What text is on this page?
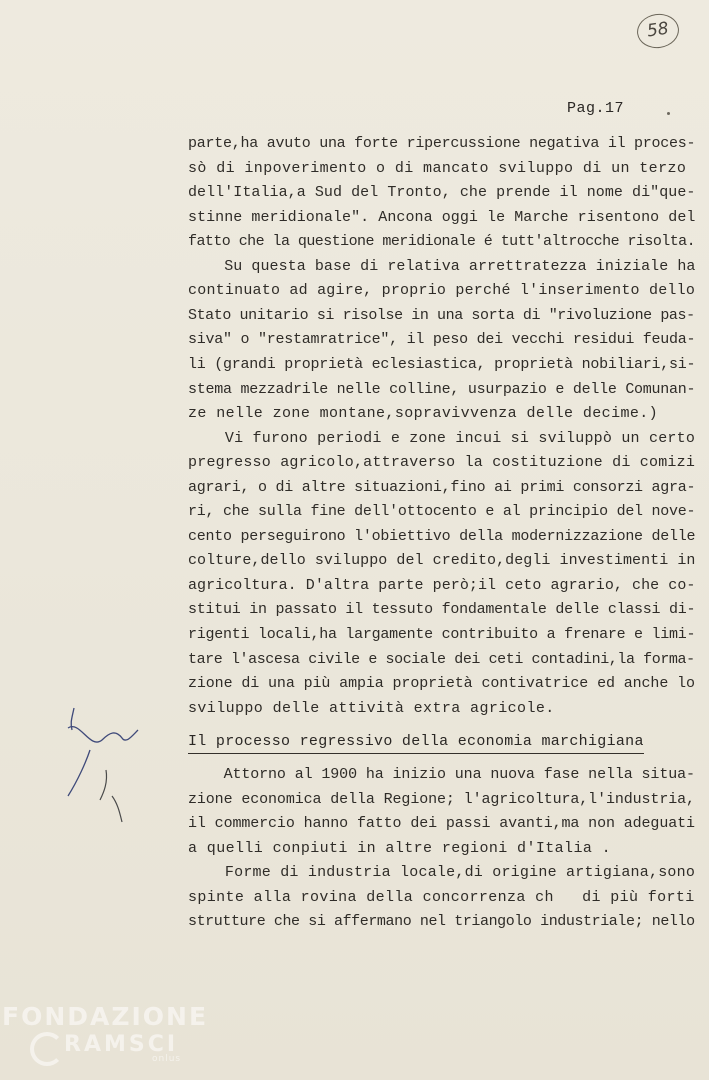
58
Pag.17
parte,ha avuto una forte ripercussione negativa il proces-
sò di inpoverimento o di mancato sviluppo di un terzo
dell'Italia,a Sud del Tronto, che prende il nome di"que-
stinne meridionale". Ancona oggi le Marche risentono del
fatto che la questione meridionale é tutt'altrocche risolta.
Su questa base di relativa arrettratezza iniziale ha
continuato ad agire, proprio perché l'inserimento dello
Stato unitario si risolse in una sorta di "rivoluzione pas-
siva" o "restamratrice", il peso dei vecchi residui feuda-
li (grandi proprietà eclesiastica, proprietà nobiliari,si-
stema mezzadrile nelle colline, usurpazio e delle Comunan-
ze nelle zone montane,sopravivvenza delle decime.)
Vi furono periodi e zone incui si sviluppò un certo
pregresso agricolo,attraverso la costituzione di comizi
agrari, o di altre situazioni,fino ai primi consorzi agra-
ri, che sulla fine dell'ottocento e al principio del nove-
cento perseguirono l'obiettivo della modernizzazione delle
colture,dello sviluppo del credito,degli investimenti in
agricoltura. D'altra parte però;il ceto agrario, che co-
stitui in passato il tessuto fondamentale delle classi di-
rigenti locali,ha largamente contribuito a frenare e limi-
tare l'ascesa civile e sociale dei ceti contadini,la forma-
zione di una più ampia proprietà contivatrice ed anche lo
sviluppo delle attività extra agricole.
Il processo regressivo della economia marchigiana
Attorno al 1900 ha inizio una nuova fase nella situa-
zione economica della Regione; l'agricoltura,l'industria,
il commercio hanno fatto dei passi avanti,ma non adeguati
a quelli conpiuti in altre regioni d'Italia .
Forme di industria locale,di origine artigiana,sono
spinte alla rovina della concorrenza ch   di più forti
strutture che si affermano nel triangolo industriale; nello
FONDAZIONE
RAMSCI
onlus
